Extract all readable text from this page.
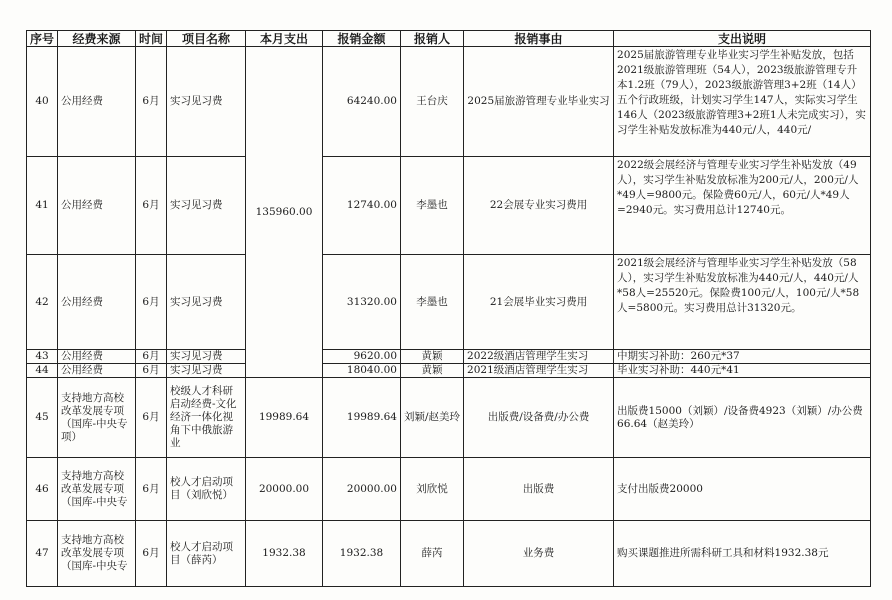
序号	经费来源	时间	项目名称	本月支出	报销金额	报销人	报销事由	支出说明
40	公用经费	6月	实习见习费	135960.00	64240.00	王台庆	2025届旅游管理专业毕业实习	2025届旅游管理专业毕业实习学生补贴发放，包括2021级旅游管理班（54人），2023级旅游管理专升本1.2班（79人），2023级旅游管理3+2班（14人）五个行政班级，计划实习学生147人，实际实习学生146人（2023级旅游管理3+2班1人未完成实习），实习学生补贴发放标准为440元/人，440元/
41	公用经费	6月	实习见习费		12740.00	李墨也	22会展专业实习费用	2022级会展经济与管理专业实习学生补贴发放（49人），实习学生补贴发放标准为200元/人，200元/人*49人=9800元。保险费60元/人，60元/人*49人=2940元。实习费用总计12740元。
42	公用经费	6月	实习见习费		31320.00	李墨也	21会展毕业实习费用	2021级会展经济与管理毕业实习学生补贴发放（58人），实习学生补贴发放标准为440元/人，440元/人*58人=25520元。保险费100元/人，100元/人*58人=5800元。实习费用总计31320元。
43	公用经费	6月	实习见习费		9620.00	黄颖	2022级酒店管理学生实习	中期实习补助：260元*37
44	公用经费	6月	实习见习费		18040.00	黄颖	2021级酒店管理学生实习	毕业实习补助：440元*41
45	支持地方高校改革发展专项（国库-中央专项）	6月	校级人才科研启动经费-文化经济一体化视角下中俄旅游业	19989.64	19989.64	刘颖/赵美玲	出版费/设备费/办公费	出版费15000（刘颖）/设备费4923（刘颖）/办公费66.64（赵美玲）
46	支持地方高校改革发展专项（国库-中央专	6月	校人才启动项目（刘欣悦）	20000.00	20000.00	刘欣悦	出版费	支付出版费20000
47	支持地方高校改革发展专项（国库-中央专	6月	校人才启动项目（薛芮）	1932.38	1932.38	薛芮	业务费	购买课题推进所需科研工具和材料1932.38元
